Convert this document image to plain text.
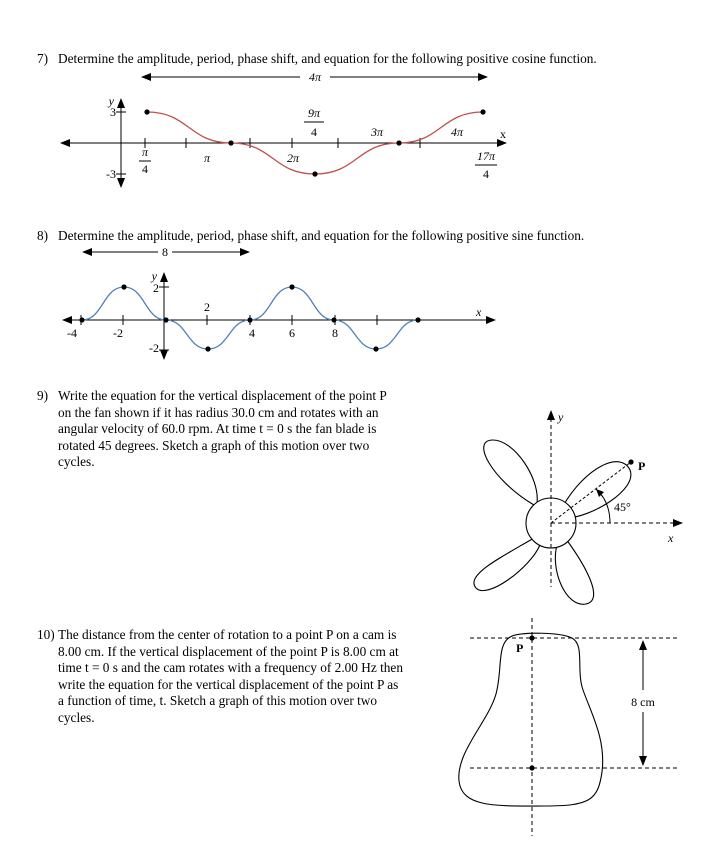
7) Determine the amplitude, period, phase shift, and equation for the following positive cosine function.
4π
x
y
3
-3
π
4
π	2π
9π
4	3π	4π
17π
4
8) Determine the amplitude, period, phase shift, and equation for the following positive sine function.
8
x
y
2
-2
-4	-2
2
4	6	8
9) Write the equation for the vertical displacement of the point P
on the fan shown if it has radius 30.0 cm and rotates with an
angular velocity of 60.0 rpm. At time t = 0 s the fan blade is
rotated 45 degrees. Sketch a graph of this motion over two
cycles.
y
x
P
45°
10) The distance from the center of rotation to a point P on a cam is
8.00 cm. If the vertical displacement of the point P is 8.00 cm at
time t = 0 s and the cam rotates with a frequency of 2.00 Hz then
write the equation for the vertical displacement of the point P as
a function of time, t. Sketch a graph of this motion over two
cycles.
P
8 cm
